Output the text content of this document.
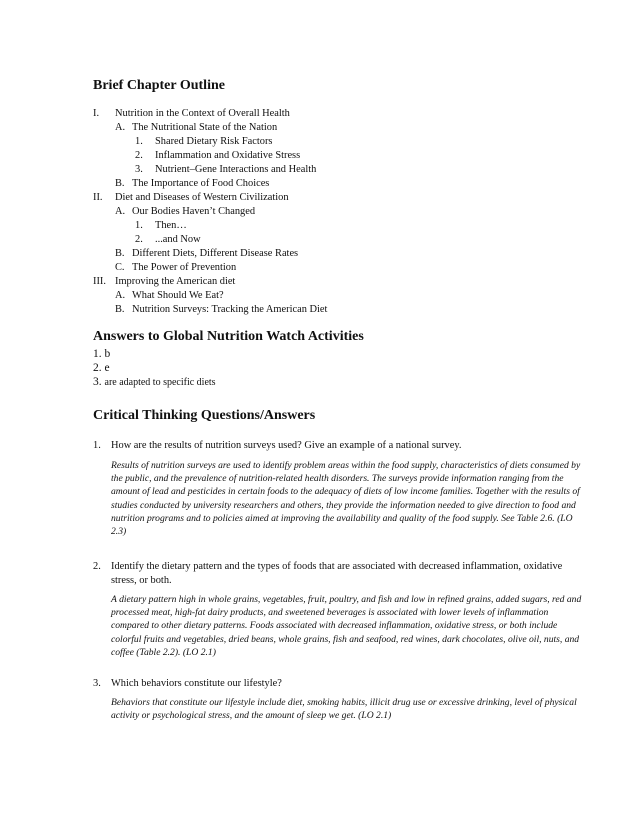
Brief Chapter Outline
I. Nutrition in the Context of Overall Health
A. The Nutritional State of the Nation
1. Shared Dietary Risk Factors
2. Inflammation and Oxidative Stress
3. Nutrient–Gene Interactions and Health
B. The Importance of Food Choices
II. Diet and Diseases of Western Civilization
A. Our Bodies Haven’t Changed
1. Then…
2. ...and Now
B. Different Diets, Different Disease Rates
C. The Power of Prevention
III. Improving the American diet
A. What Should We Eat?
B. Nutrition Surveys: Tracking the American Diet
Answers to Global Nutrition Watch Activities
1. b
2. e
3. are adapted to specific diets
Critical Thinking Questions/Answers
1. How are the results of nutrition surveys used? Give an example of a national survey.
Results of nutrition surveys are used to identify problem areas within the food supply, characteristics of diets consumed by the public, and the prevalence of nutrition-related health disorders. The surveys provide information ranging from the amount of lead and pesticides in certain foods to the adequacy of diets of low income families. Together with the results of studies conducted by university researchers and others, they provide the information needed to give direction to food and nutrition programs and to policies aimed at improving the availability and quality of the food supply. See Table 2.6. (LO 2.3)
2. Identify the dietary pattern and the types of foods that are associated with decreased inflammation, oxidative stress, or both.
A dietary pattern high in whole grains, vegetables, fruit, poultry, and fish and low in refined grains, added sugars, red and processed meat, high-fat dairy products, and sweetened beverages is associated with lower levels of inflammation compared to other dietary patterns. Foods associated with decreased inflammation, oxidative stress, or both include colorful fruits and vegetables, dried beans, whole grains, fish and seafood, red wines, dark chocolates, olive oil, nuts, and coffee (Table 2.2). (LO 2.1)
3. Which behaviors constitute our lifestyle?
Behaviors that constitute our lifestyle include diet, smoking habits, illicit drug use or excessive drinking, level of physical activity or psychological stress, and the amount of sleep we get. (LO 2.1)
